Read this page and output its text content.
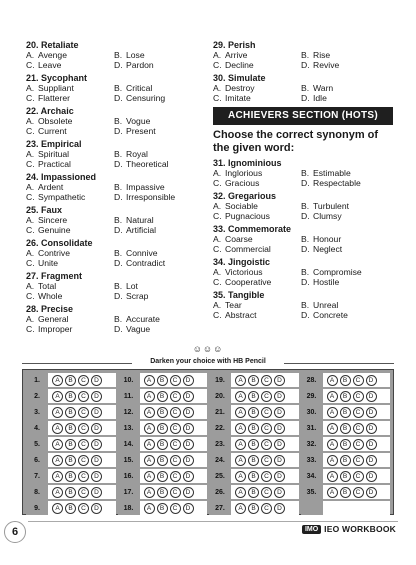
20. Retaliate
A. Avenge	B. Lose
C. Leave	D. Pardon
21. Sycophant
A. Suppliant	B. Critical
C. Flatterer	D. Censuring
22. Archaic
A. Obsolete	B. Vogue
C. Current	D. Present
23. Empirical
A. Spiritual	B. Royal
C. Practical	D. Theoretical
24. Impassioned
A. Ardent	B. Impassive
C. Sympathetic	D. Irresponsible
25. Faux
A. Sincere	B. Natural
C. Genuine	D. Artificial
26. Consolidate
A. Contrive	B. Connive
C. Unite	D. Contradict
27. Fragment
A. Total	B. Lot
C. Whole	D. Scrap
28. Precise
A. General	B. Accurate
C. Improper	D. Vague
29. Perish
A. Arrive	B. Rise
C. Decline	D. Revive
30. Simulate
A. Destroy	B. Warn
C. Imitate	D. Idle
ACHIEVERS SECTION (HOTS)
Choose the correct synonym of the given word:
31. Ignominious
A. Inglorious	B. Estimable
C. Gracious	D. Respectable
32. Gregarious
A. Sociable	B. Turbulent
C. Pugnacious	D. Clumsy
33. Commemorate
A. Coarse	B. Honour
C. Commercial	D. Neglect
34. Jingoistic
A. Victorious	B. Compromise
C. Cooperative	D. Hostile
35. Tangible
A. Tear	B. Unreal
C. Abstract	D. Concrete
☺☺☺
Darken your choice with HB Pencil
1.	A	B	C	D
2.	A	B	C	D
3.	A	B	C	D
4.	A	B	C	D
5.	A	B	C	D
6.	A	B	C	D
7.	A	B	C	D
8.	A	B	C	D
9.	A	B	C	D
10.	A	B	C	D
11.	A	B	C	D
12.	A	B	C	D
13.	A	B	C	D
14.	A	B	C	D
15.	A	B	C	D
16.	A	B	C	D
17.	A	B	C	D
18.	A	B	C	D
19.	A	B	C	D
20.	A	B	C	D
21.	A	B	C	D
22.	A	B	C	D
23.	A	B	C	D
24.	A	B	C	D
25.	A	B	C	D
26.	A	B	C	D
27.	A	B	C	D
28.	A	B	C	D
29.	A	B	C	D
30.	A	B	C	D
31.	A	B	C	D
32.	A	B	C	D
33.	A	B	C	D
34.	A	B	C	D
35.	A	B	C	D
6	IMO IEO WORKBOOK
